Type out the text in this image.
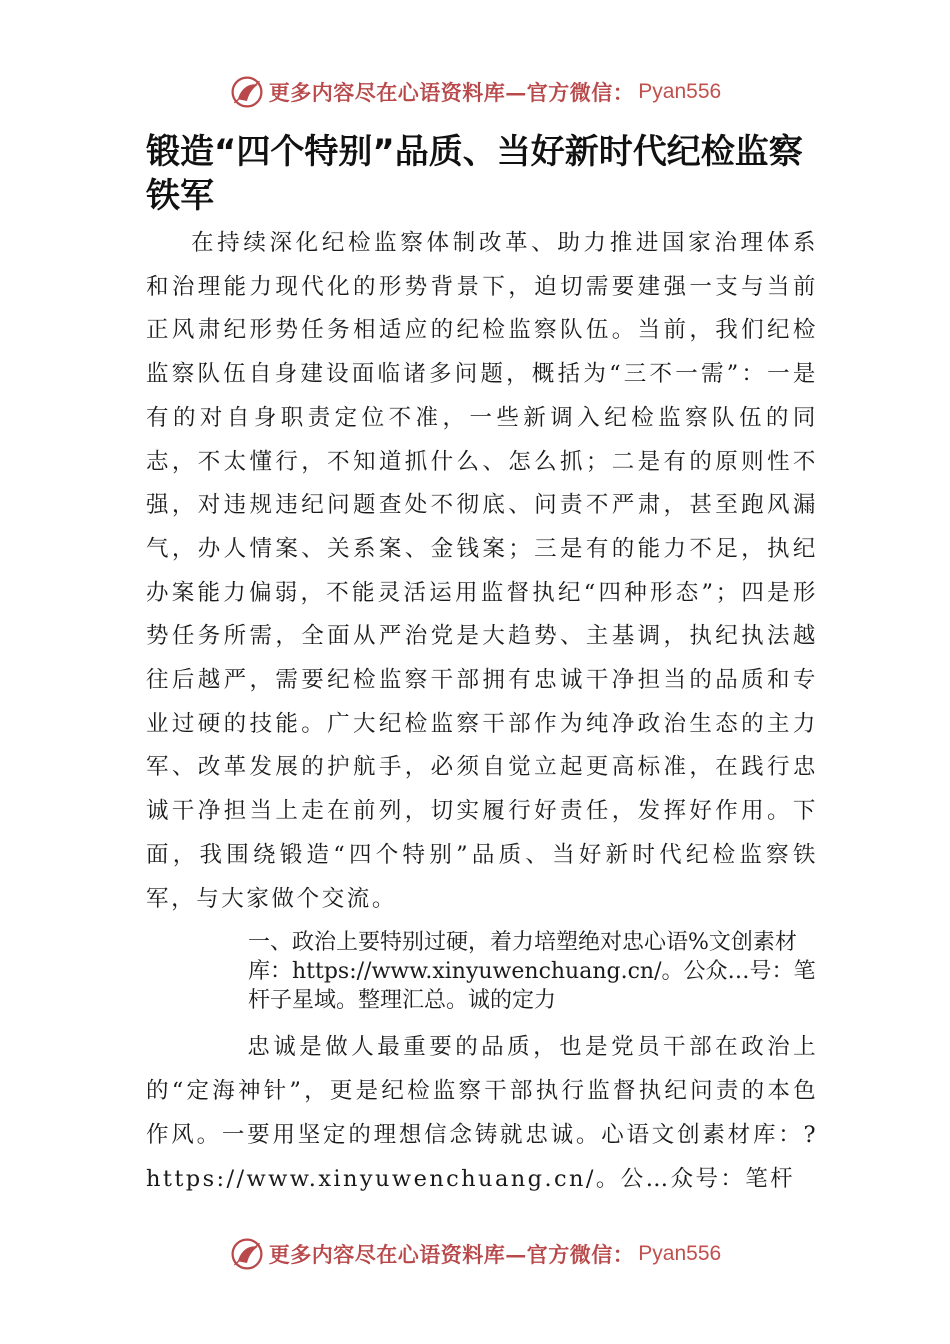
更多内容尽在心语资料库—官方微信： Pyan556
锻造“四个特别”品质、当好新时代纪检监察铁军

在持续深化纪检监察体制改革、助力推进国家治理体系和治理能力现代化的形势背景下，迫切需要建强一支与当前正风肃纪形势任务相适应的纪检监察队伍。当前，我们纪检监察队伍自身建设面临诸多问题，概括为“三不一需”：一是有的对自身职责定位不准，一些新调入纪检监察队伍的同志，不太懂行，不知道抓什么、怎么抓；二是有的原则性不强，对违规违纪问题查处不彻底、问责不严肃，甚至跑风漏气，办人情案、关系案、金钱案；三是有的能力不足，执纪办案能力偏弱，不能灵活运用监督执纪“四种形态”；四是形势任务所需，全面从严治党是大趋势、主基调，执纪执法越往后越严，需要纪检监察干部拥有忠诚干净担当的品质和专业过硬的技能。广大纪检监察干部作为纯净政治生态的主力军、改革发展的护航手，必须自觉立起更高标准，在践行忠诚干净担当上走在前列，切实履行好责任，发挥好作用。下面，我围绕锻造“四个特别”品质、当好新时代纪检监察铁军，与大家做个交流。

一、政治上要特别过硬，着力培塑绝对忠心语%文创素材库：https://www.xinyuwenchuang.cn/。公众…号：笔杆子星域。整理汇总。诚的定力

忠诚是做人最重要的品质，也是党员干部在政治上的“定海神针”，更是纪检监察干部执行监督执纪问责的本色作风。一要用坚定的理想信念铸就忠诚。心语文创素材库：?https://www.xinyuwenchuang.cn/。公…众号：笔杆

更多内容尽在心语资料库—官方微信： Pyan556
